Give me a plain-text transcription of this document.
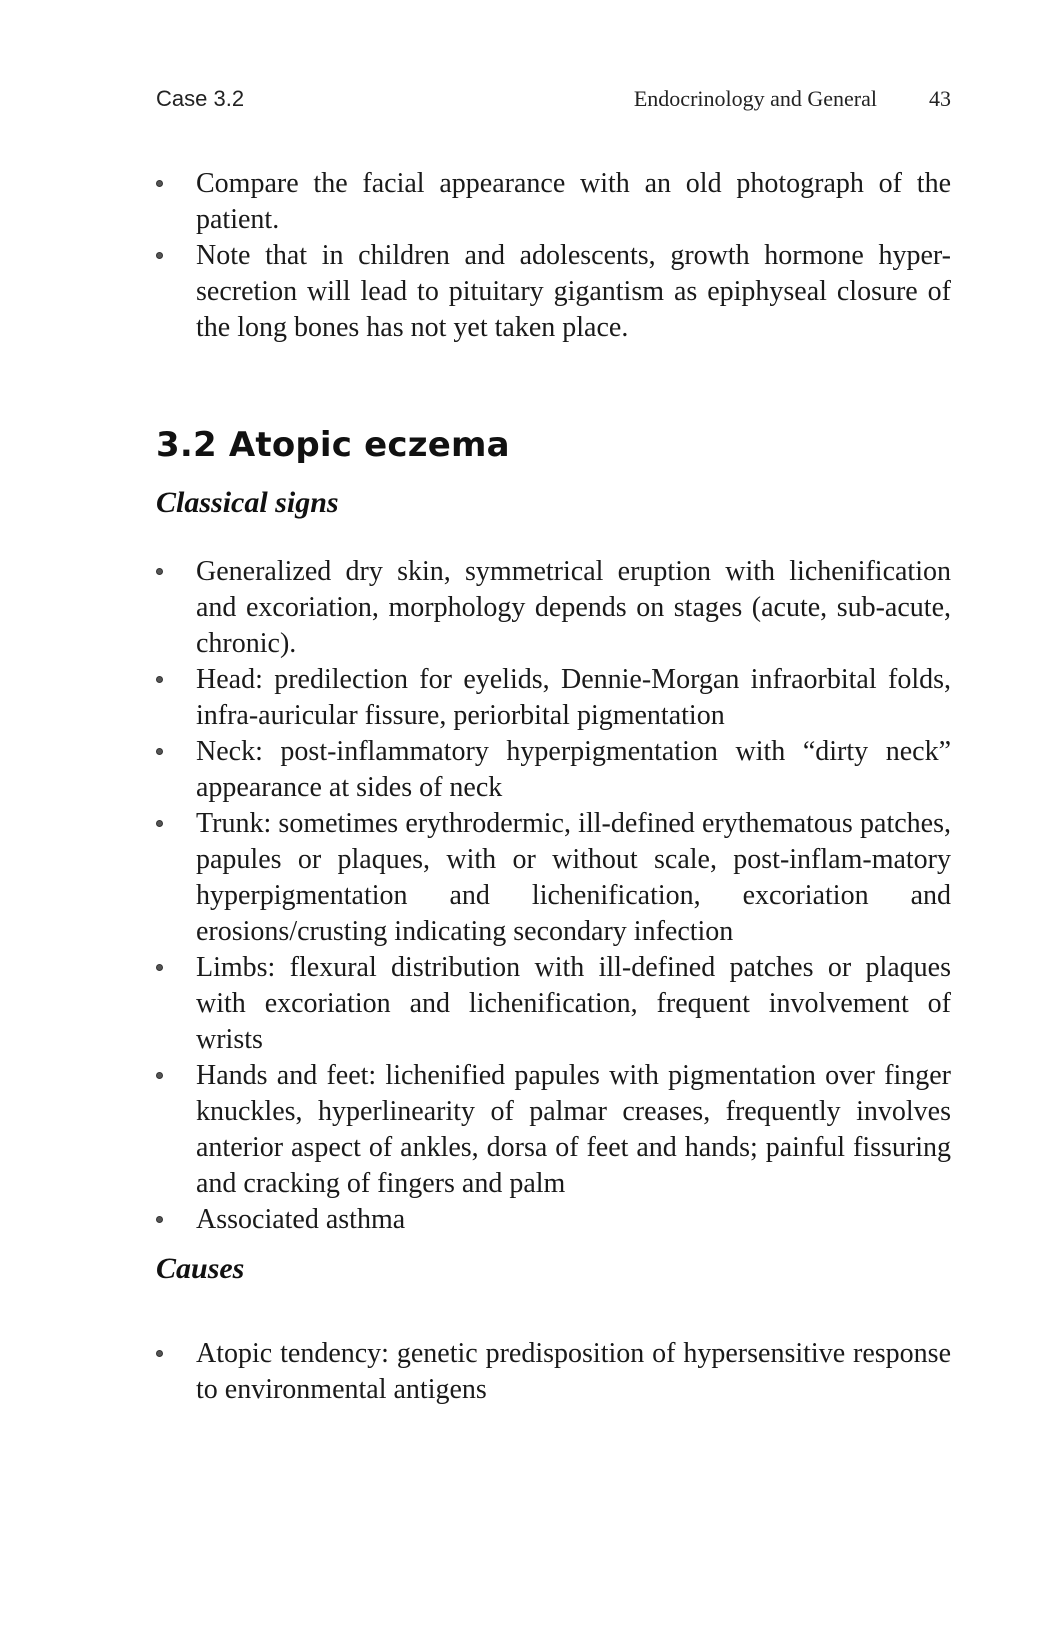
Case 3.2	Endocrinology and General 43
Compare the facial appearance with an old photograph of the patient.
Note that in children and adolescents, growth hormone hyper-secretion will lead to pituitary gigantism as epiphyseal closure of the long bones has not yet taken place.
3.2 Atopic eczema
Classical signs
Generalized dry skin, symmetrical eruption with lichenification and excoriation, morphology depends on stages (acute, sub-acute, chronic).
Head: predilection for eyelids, Dennie-Morgan infraorbital folds, infra-auricular fissure, periorbital pigmentation
Neck: post-inflammatory hyperpigmentation with “dirty neck” appearance at sides of neck
Trunk: sometimes erythrodermic, ill-defined erythematous patches, papules or plaques, with or without scale, post-inflam-matory hyperpigmentation and lichenification, excoriation and erosions/crusting indicating secondary infection
Limbs: flexural distribution with ill-defined patches or plaques with excoriation and lichenification, frequent involvement of wrists
Hands and feet: lichenified papules with pigmentation over finger knuckles, hyperlinearity of palmar creases, frequently involves anterior aspect of ankles, dorsa of feet and hands; painful fissuring and cracking of fingers and palm
Associated asthma
Causes
Atopic tendency: genetic predisposition of hypersensitive response to environmental antigens
